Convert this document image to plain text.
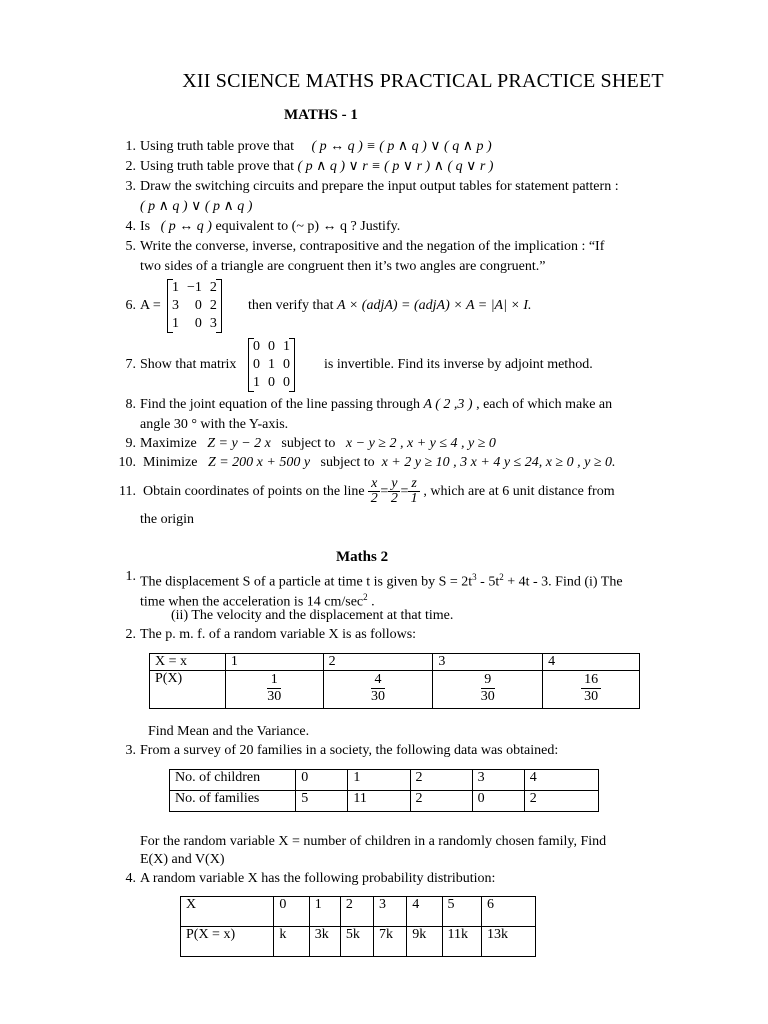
XII SCIENCE MATHS PRACTICAL PRACTICE SHEET
MATHS - 1
1. Using truth table prove that ( p ↔ q ) ≡ ( p ∧ q ) ∨ ( q ∧ p )
2. Using truth table prove that ( p ∧ q ) ∨ r ≡ ( p ∨ r ) ∧ ( q ∨ r )
3. Draw the switching circuits and prepare the input output tables for statement pattern :
( p ∧ q ) ∨ ( p ∧ q )
4. Is ( p ↔ q ) equivalent to (~ p) ↔ q ? Justify.
5. Write the converse, inverse, contrapositive and the negation of the implication : “If
two sides of a triangle are congruent then it’s two angles are congruent.”
6. A =
1	−1	2
3	0	2
1	0	3
then verify that A × (adjA) = (adjA) × A = |A| × I.
7. Show that matrix
0	0	1
0	1	0
1	0	0
is invertible. Find its inverse by adjoint method.
8. Find the joint equation of the line passing through A ( 2 ,3 ) , each of which make an
angle 30 ° with the Y-axis.
9. Maximize Z = y − 2 x subject to x − y ≥ 2 , x + y ≤ 4 , y ≥ 0
10. Minimize Z = 200 x + 500 y subject to x + 2 y ≥ 10 , 3 x + 4 y ≤ 24, x ≥ 0 , y ≥ 0.
11. Obtain coordinates of points on the line $\frac{x}{2} = \frac{y}{2} = \frac{z}{1}$ , which are at 6 unit distance from
the origin
Maths 2
1. The displacement S of a particle at time t is given by $S = 2t^3 - 5t^2 + 4t - 3$. Find (i) The
time when the acceleration is 14 $cm/\sec^2$ .
(ii) The velocity and the displacement at that time.
2. The p. m. f. of a random variable X is as follows:
X = x	1	2	3	4
P(X)	$\frac{1}{30}$	$\frac{4}{30}$	$\frac{9}{30}$	$\frac{16}{30}$
Find Mean and the Variance.
3. From a survey of 20 families in a society, the following data was obtained:
No. of children	0	1	2	3	4
No. of families	5	11	2	0	2
For the random variable X = number of children in a randomly chosen family, Find
E(X) and V(X)
4. A random variable X has the following probability distribution:
X	0	1	2	3	4	5	6
P(X = x)	k	3k	5k	7k	9k	11k	13k
